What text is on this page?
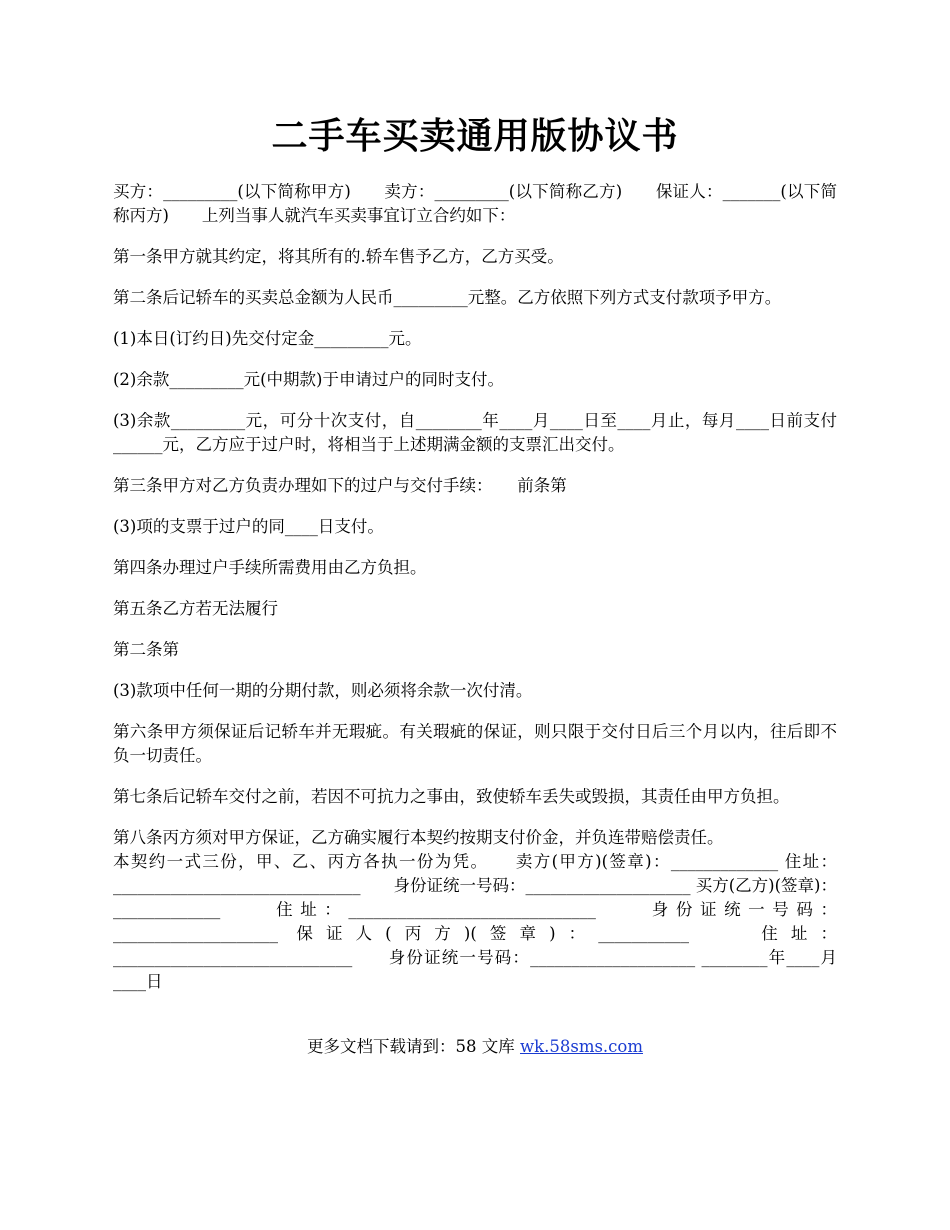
二手车买卖通用版协议书

买方：_________(以下简称甲方)　　卖方：_________(以下简称乙方)　　保证人：_______(以下简称丙方)　　上列当事人就汽车买卖事宜订立合约如下：

第一条甲方就其约定，将其所有的.轿车售予乙方，乙方买受。

第二条后记轿车的买卖总金额为人民币_________元整。乙方依照下列方式支付款项予甲方。

(1)本日(订约日)先交付定金_________元。

(2)余款_________元(中期款)于申请过户的同时支付。

(3)余款_________元，可分十次支付，自________年____月____日至____月止，每月____日前支付______元，乙方应于过户时，将相当于上述期满金额的支票汇出交付。

第三条甲方对乙方负责办理如下的过户与交付手续：　　前条第

(3)项的支票于过户的同____日支付。

第四条办理过户手续所需费用由乙方负担。

第五条乙方若无法履行

第二条第

(3)款项中任何一期的分期付款，则必须将余款一次付清。

第六条甲方须保证后记轿车并无瑕疵。有关瑕疵的保证，则只限于交付日后三个月以内，往后即不负一切责任。

第七条后记轿车交付之前，若因不可抗力之事由，致使轿车丢失或毁损，其责任由甲方负担。

第八条丙方须对甲方保证，乙方确实履行本契约按期支付价金，并负连带赔偿责任。

本契约一式三份，甲、乙、丙方各执一份为凭。　　卖方(甲方)(签章)：_____________ 住址：______________________________　　身份证统一号码：____________________ 买方(乙方)(签章)：_____________　　住址：______________________________　　身份证统一号码：____________________ 保证人(丙方)(签章)：___________　　住址：_____________________________　　身份证统一号码：____________________ ________年____月____日

更多文档下载请到：58 文库 wk.58sms.com
